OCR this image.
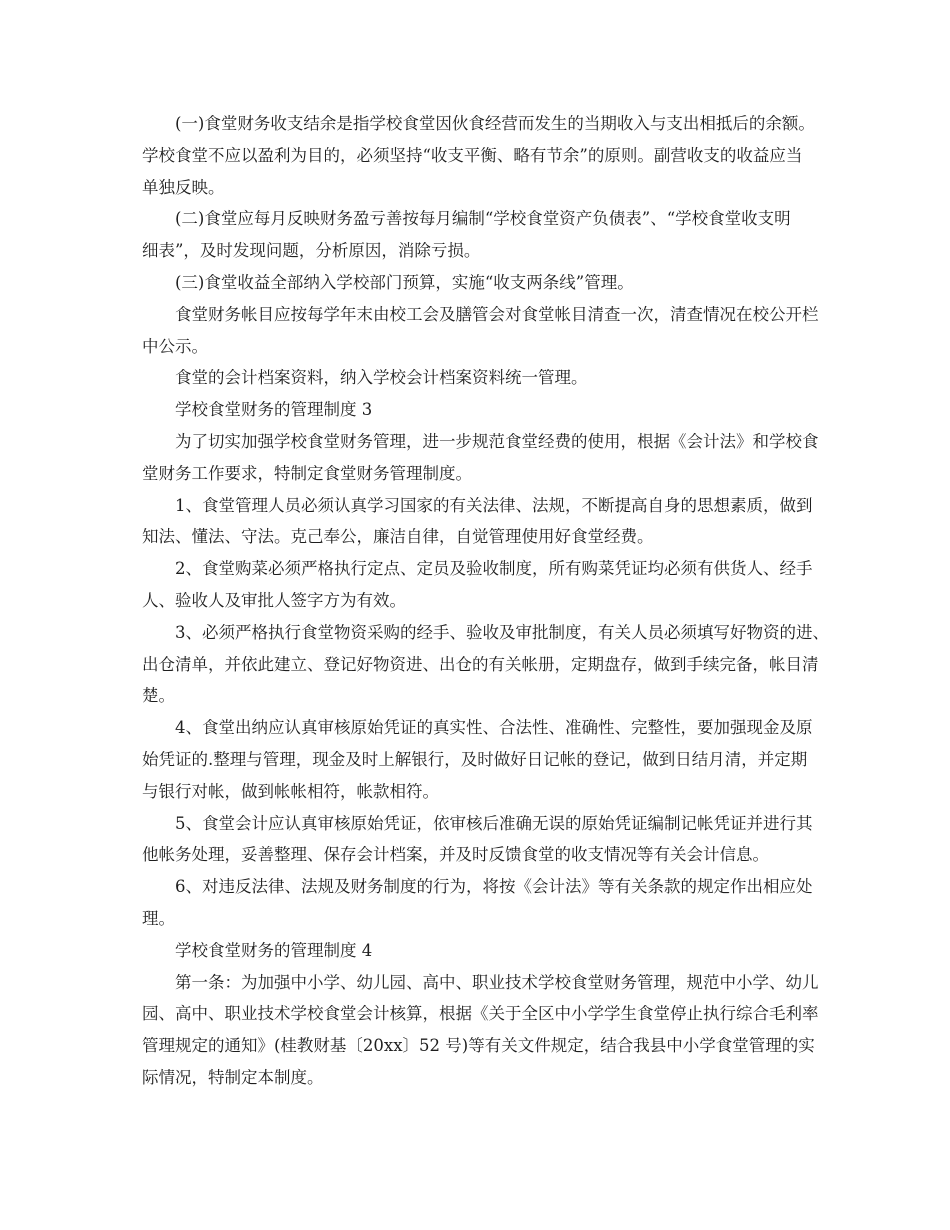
(一)食堂财务收支结余是指学校食堂因伙食经营而发生的当期收入与支出相抵后的余额。
学校食堂不应以盈利为目的，必须坚持“收支平衡、略有节余”的原则。副营收支的收益应当
单独反映。
(二)食堂应每月反映财务盈亏善按每月编制“学校食堂资产负债表”、“学校食堂收支明
细表”，及时发现问题，分析原因，消除亏损。
(三)食堂收益全部纳入学校部门预算，实施“收支两条线”管理。
食堂财务帐目应按每学年末由校工会及膳管会对食堂帐目清查一次，清查情况在校公开栏
中公示。
食堂的会计档案资料，纳入学校会计档案资料统一管理。
学校食堂财务的管理制度 3
为了切实加强学校食堂财务管理，进一步规范食堂经费的使用，根据《会计法》和学校食
堂财务工作要求，特制定食堂财务管理制度。
1、食堂管理人员必须认真学习国家的有关法律、法规，不断提高自身的思想素质，做到
知法、懂法、守法。克己奉公，廉洁自律，自觉管理使用好食堂经费。
2、食堂购菜必须严格执行定点、定员及验收制度，所有购菜凭证均必须有供货人、经手
人、验收人及审批人签字方为有效。
3、必须严格执行食堂物资采购的经手、验收及审批制度，有关人员必须填写好物资的进、
出仓清单，并依此建立、登记好物资进、出仓的有关帐册，定期盘存，做到手续完备，帐目清
楚。
4、食堂出纳应认真审核原始凭证的真实性、合法性、准确性、完整性，要加强现金及原
始凭证的.整理与管理，现金及时上解银行，及时做好日记帐的登记，做到日结月清，并定期
与银行对帐，做到帐帐相符，帐款相符。
5、食堂会计应认真审核原始凭证，依审核后准确无误的原始凭证编制记帐凭证并进行其
他帐务处理，妥善整理、保存会计档案，并及时反馈食堂的收支情况等有关会计信息。
6、对违反法律、法规及财务制度的行为，将按《会计法》等有关条款的规定作出相应处
理。
学校食堂财务的管理制度 4
第一条：为加强中小学、幼儿园、高中、职业技术学校食堂财务管理，规范中小学、幼儿
园、高中、职业技术学校食堂会计核算，根据《关于全区中小学学生食堂停止执行综合毛利率
管理规定的通知》(桂教财基〔20xx〕52 号)等有关文件规定，结合我县中小学食堂管理的实
际情况，特制定本制度。
